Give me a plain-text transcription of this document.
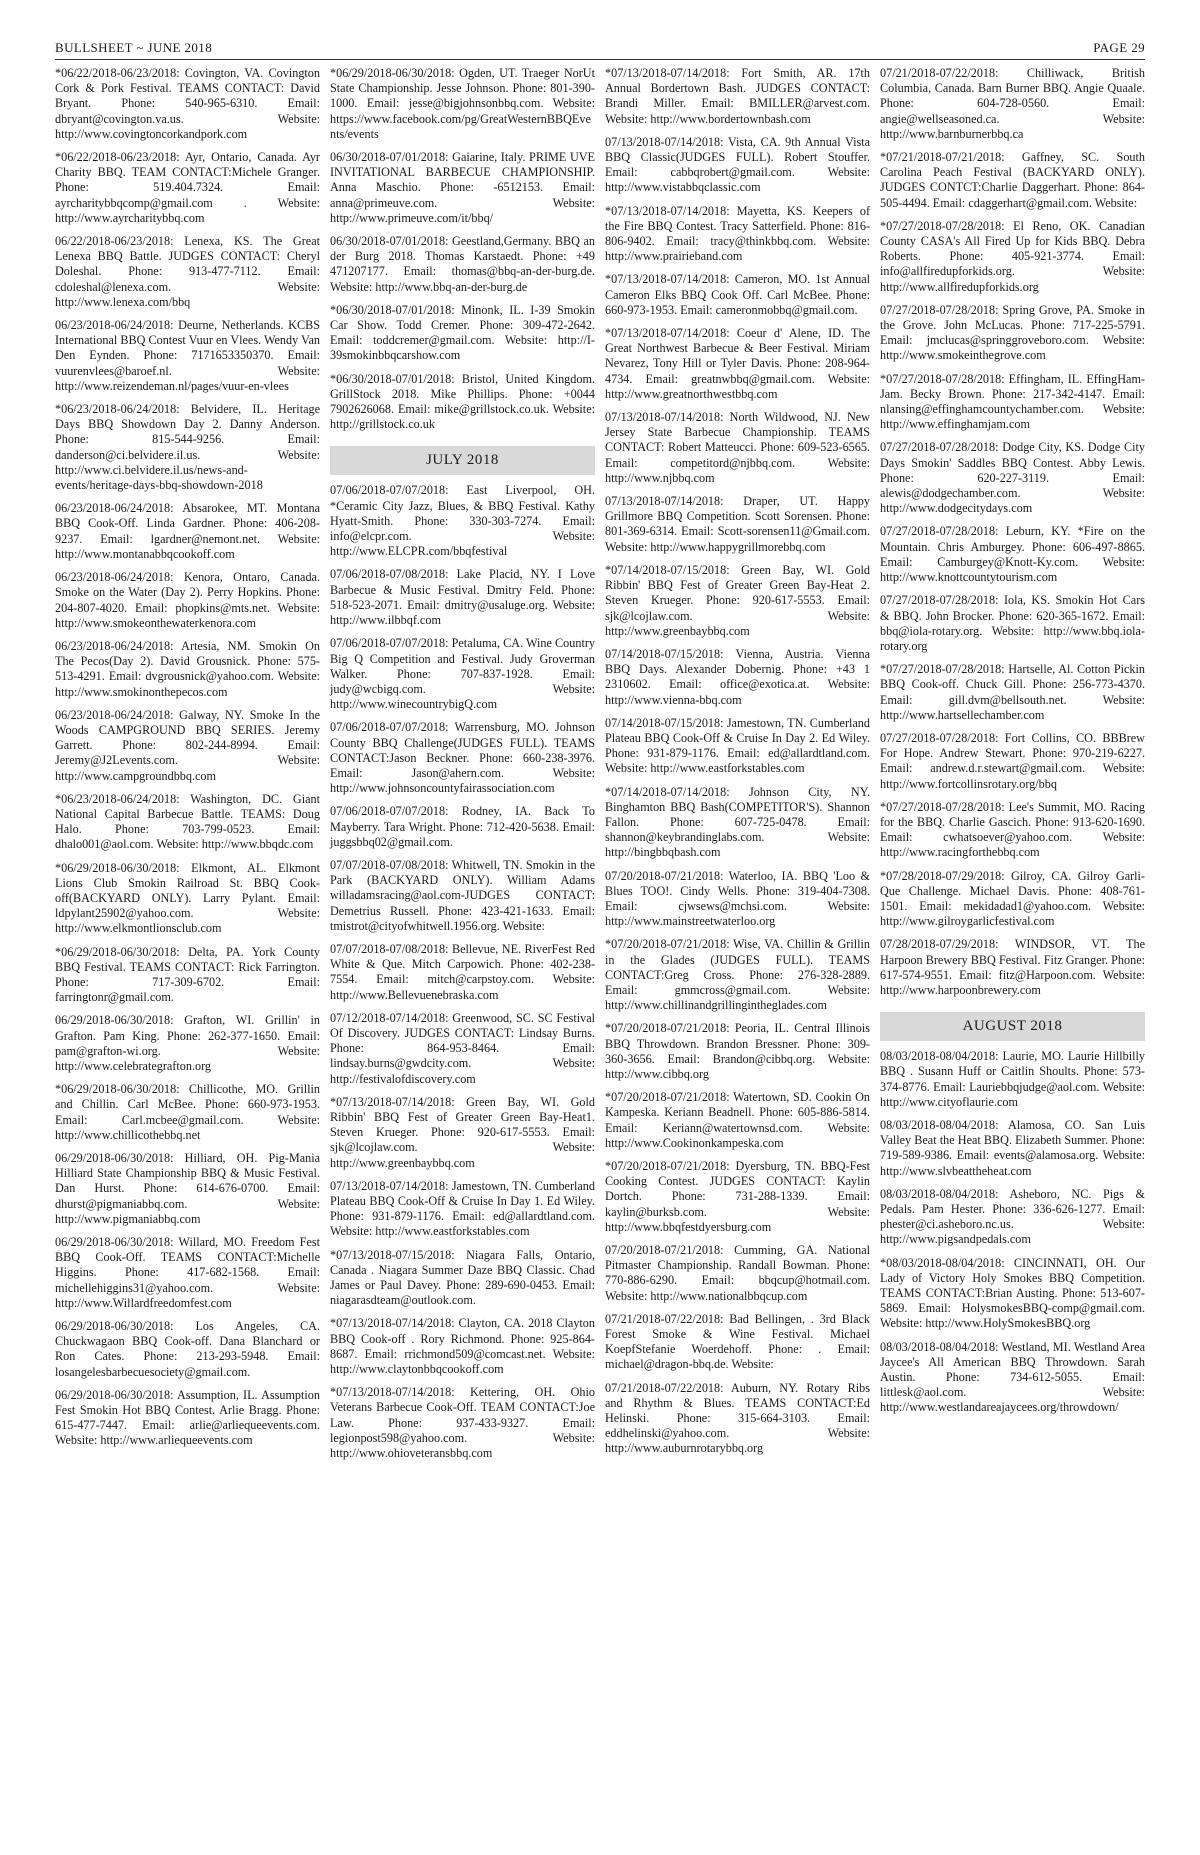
BULLSHEET ~ JUNE 2018	PAGE 29

*06/22/2018-06/23/2018: Covington, VA. Covington Cork & Pork Festival. TEAMS CONTACT: David Bryant. Phone: 540-965-6310. Email: dbryant@covington.va.us. Website: http://www.covingtoncorkandpork.com

*06/22/2018-06/23/2018: Ayr, Ontario, Canada. Ayr Charity BBQ. TEAM CONTACT:Michele Granger. Phone: 519.404.7324. Email: ayrcharitybbqcomp@gmail.com . Website: http://www.ayrcharitybbq.com

06/22/2018-06/23/2018: Lenexa, KS. The Great Lenexa BBQ Battle. JUDGES CONTACT: Cheryl Doleshal. Phone: 913-477-7112. Email: cdoleshal@lenexa.com. Website: http://www.lenexa.com/bbq

06/23/2018-06/24/2018: Deurne, Netherlands. KCBS International BBQ Contest Vuur en Vlees. Wendy Van Den Eynden. Phone: 7171653350370. Email: vuurenvlees@baroef.nl. Website: http://www.reizendeman.nl/pages/vuur-en-vlees

*06/23/2018-06/24/2018: Belvidere, IL. Heritage Days BBQ Showdown Day 2. Danny Anderson. Phone: 815-544-9256. Email: danderson@ci.belvidere.il.us. Website: http://www.ci.belvidere.il.us/news-and-events/heritage-days-bbq-showdown-2018

06/23/2018-06/24/2018: Absarokee, MT. Montana BBQ Cook-Off. Linda Gardner. Phone: 406-208-9237. Email: lgardner@nemont.net. Website: http://www.montanabbqcookoff.com

06/23/2018-06/24/2018: Kenora, Ontaro, Canada. Smoke on the Water (Day 2). Perry Hopkins. Phone: 204-807-4020. Email: phopkins@mts.net. Website: http://www.smokeonthewaterkenora.com

06/23/2018-06/24/2018: Artesia, NM. Smokin On The Pecos(Day 2). David Grousnick. Phone: 575-513-4291. Email: dvgrousnick@yahoo.com. Website: http://www.smokinonthepecos.com

06/23/2018-06/24/2018: Galway, NY. Smoke In the Woods CAMPGROUND BBQ SERIES. Jeremy Garrett. Phone: 802-244-8994. Email: Jeremy@J2Levents.com. Website: http://www.campgroundbbq.com

*06/23/2018-06/24/2018: Washington, DC. Giant National Capital Barbecue Battle. TEAMS: Doug Halo. Phone: 703-799-0523. Email: dhalo001@aol.com. Website: http://www.bbqdc.com

*06/29/2018-06/30/2018: Elkmont, AL. Elkmont Lions Club Smokin Railroad St. BBQ Cook-off(BACKYARD ONLY). Larry Pylant. Email: ldpylant25902@yahoo.com. Website: http://www.elkmontlionsclub.com

*06/29/2018-06/30/2018: Delta, PA. York County BBQ Festival. TEAMS CONTACT: Rick Farrington. Phone: 717-309-6702. Email: farringtonr@gmail.com.

06/29/2018-06/30/2018: Grafton, WI. Grillin' in Grafton. Pam King. Phone: 262-377-1650. Email: pam@grafton-wi.org. Website: http://www.celebrategrafton.org

*06/29/2018-06/30/2018: Chillicothe, MO. Grillin and Chillin. Carl McBee. Phone: 660-973-1953. Email: Carl.mcbee@gmail.com. Website: http://www.chillicothebbq.net

06/29/2018-06/30/2018: Hilliard, OH. Pig-Mania Hilliard State Championship BBQ & Music Festival. Dan Hurst. Phone: 614-676-0700. Email: dhurst@pigmaniabbq.com. Website: http://www.pigmaniabbq.com

06/29/2018-06/30/2018: Willard, MO. Freedom Fest BBQ Cook-Off. TEAMS CONTACT:Michelle Higgins. Phone: 417-682-1568. Email: michellehiggins31@yahoo.com. Website: http://www.Willardfreedomfest.com

06/29/2018-06/30/2018: Los Angeles, CA. Chuckwagaon BBQ Cook-off. Dana Blanchard or Ron Cates. Phone: 213-293-5948. Email: losangelesbarbecuesociety@gmail.com.

06/29/2018-06/30/2018: Assumption, IL. Assumption Fest Smokin Hot BBQ Contest. Arlie Bragg. Phone: 615-477-7447. Email: arlie@arliequeevents.com. Website: http://www.arliequeevents.com

*06/29/2018-06/30/2018: Ogden, UT. Traeger NorUt State Championship. Jesse Johnson. Phone: 801-390-1000. Email: jesse@bigjohnsonbbq.com. Website: https://www.facebook.com/pg/GreatWesternBBQEvents/events

06/30/2018-07/01/2018: Gaiarine, Italy. PRIME UVE INVITATIONAL BARBECUE CHAMPIONSHIP. Anna Maschio. Phone: -6512153. Email: anna@primeuve.com. Website: http://www.primeuve.com/it/bbq/

06/30/2018-07/01/2018: Geestland,Germany. BBQ an der Burg 2018. Thomas Karstaedt. Phone: +49 471207177. Email: thomas@bbq-an-der-burg.de. Website: http://www.bbq-an-der-burg.de

*06/30/2018-07/01/2018: Minonk, IL. I-39 Smokin Car Show. Todd Cremer. Phone: 309-472-2642. Email: toddcremer@gmail.com. Website: http://I-39smokinbbqcarshow.com

*06/30/2018-07/01/2018: Bristol, United Kingdom. GrillStock 2018. Mike Phillips. Phone: +0044 7902626068. Email: mike@grillstock.co.uk. Website: http://grillstock.co.uk

JULY 2018

07/06/2018-07/07/2018: East Liverpool, OH. *Ceramic City Jazz, Blues, & BBQ Festival. Kathy Hyatt-Smith. Phone: 330-303-7274. Email: info@elcpr.com. Website: http://www.ELCPR.com/bbqfestival

07/06/2018-07/08/2018: Lake Placid, NY. I Love Barbecue & Music Festival. Dmitry Feld. Phone: 518-523-2071. Email: dmitry@usaluge.org. Website: http://www.ilbbqf.com

07/06/2018-07/07/2018: Petaluma, CA. Wine Country Big Q Competition and Festival. Judy Groverman Walker. Phone: 707-837-1928. Email: judy@wcbigq.com. Website: http://www.winecountrybigQ.com

07/06/2018-07/07/2018: Warrensburg, MO. Johnson County BBQ Challenge(JUDGES FULL). TEAMS CONTACT:Jason Beckner. Phone: 660-238-3976. Email: Jason@ahern.com. Website: http://www.johnsoncountyfairassociation.com

07/06/2018-07/07/2018: Rodney, IA. Back To Mayberry. Tara Wright. Phone: 712-420-5638. Email: juggsbbq02@gmail.com.

07/07/2018-07/08/2018: Whitwell, TN. Smokin in the Park (BACKYARD ONLY). William Adams willadamsracing@aol.com-JUDGES CONTACT: Demetrius Russell. Phone: 423-421-1633. Email: tmistrot@cityofwhitwell.1956.org. Website:

07/07/2018-07/08/2018: Bellevue, NE. RiverFest Red White & Que. Mitch Carpowich. Phone: 402-238-7554. Email: mitch@carpstoy.com. Website: http://www.Bellevuenebraska.com

07/12/2018-07/14/2018: Greenwood, SC. SC Festival Of Discovery. JUDGES CONTACT: Lindsay Burns. Phone: 864-953-8464. Email: lindsay.burns@gwdcity.com. Website: http://festivalofdiscovery.com

*07/13/2018-07/14/2018: Green Bay, WI. Gold Ribbin' BBQ Fest of Greater Green Bay-Heat1. Steven Krueger. Phone: 920-617-5553. Email: sjk@lcojlaw.com. Website: http://www.greenbaybbq.com

07/13/2018-07/14/2018: Jamestown, TN. Cumberland Plateau BBQ Cook-Off & Cruise In Day 1. Ed Wiley. Phone: 931-879-1176. Email: ed@allardtland.com. Website: http://www.eastforkstables.com

*07/13/2018-07/15/2018: Niagara Falls, Ontario, Canada . Niagara Summer Daze BBQ Classic. Chad James or Paul Davey. Phone: 289-690-0453. Email: niagarasdteam@outlook.com.

*07/13/2018-07/14/2018: Clayton, CA. 2018 Clayton BBQ Cook-off . Rory Richmond. Phone: 925-864-8687. Email: rrichmond509@comcast.net. Website: http://www.claytonbbqcookoff.com

*07/13/2018-07/14/2018: Kettering, OH. Ohio Veterans Barbecue Cook-Off. TEAM CONTACT:Joe Law. Phone: 937-433-9327. Email: legionpost598@yahoo.com. Website: http://www.ohioveteransbbq.com

*07/13/2018-07/14/2018: Fort Smith, AR. 17th Annual Bordertown Bash. JUDGES CONTACT: Brandi Miller. Email: BMILLER@arvest.com. Website: http://www.bordertownbash.com

07/13/2018-07/14/2018: Vista, CA. 9th Annual Vista BBQ Classic(JUDGES FULL). Robert Stouffer. Email: cabbqrobert@gmail.com. Website: http://www.vistabbqclassic.com

*07/13/2018-07/14/2018: Mayetta, KS. Keepers of the Fire BBQ Contest. Tracy Satterfield. Phone: 816-806-9402. Email: tracy@thinkbbq.com. Website: http://www.prairieband.com

*07/13/2018-07/14/2018: Cameron, MO. 1st Annual Cameron Elks BBQ Cook Off. Carl McBee. Phone: 660-973-1953. Email: cameronmobbq@gmail.com.

*07/13/2018-07/14/2018: Coeur d' Alene, ID. The Great Northwest Barbecue & Beer Festival. Miriam Nevarez, Tony Hill or Tyler Davis. Phone: 208-964-4734. Email: greatnwbbq@gmail.com. Website: http://www.greatnorthwestbbq.com

07/13/2018-07/14/2018: North Wildwood, NJ. New Jersey State Barbecue Championship. TEAMS CONTACT: Robert Matteucci. Phone: 609-523-6565. Email: competitord@njbbq.com. Website: http://www.njbbq.com

07/13/2018-07/14/2018: Draper, UT. Happy Grillmore BBQ Competition. Scott Sorensen. Phone: 801-369-6314. Email: Scott-sorensen11@Gmail.com. Website: http://www.happygrillmorebbq.com

*07/14/2018-07/15/2018: Green Bay, WI. Gold Ribbin' BBQ Fest of Greater Green Bay-Heat 2. Steven Krueger. Phone: 920-617-5553. Email: sjk@lcojlaw.com. Website: http://www.greenbaybbq.com

07/14/2018-07/15/2018: Vienna, Austria. Vienna BBQ Days. Alexander Dobernig. Phone: +43 1 2310602. Email: office@exotica.at. Website: http://www.vienna-bbq.com

07/14/2018-07/15/2018: Jamestown, TN. Cumberland Plateau BBQ Cook-Off & Cruise In Day 2. Ed Wiley. Phone: 931-879-1176. Email: ed@allardtland.com. Website: http://www.eastforkstables.com

*07/14/2018-07/14/2018: Johnson City, NY. Binghamton BBQ Bash(COMPETITOR'S). Shannon Fallon. Phone: 607-725-0478. Email: shannon@keybrandinglabs.com. Website: http://bingbbqbash.com

07/20/2018-07/21/2018: Waterloo, IA. BBQ 'Loo & Blues TOO!. Cindy Wells. Phone: 319-404-7308. Email: cjwsews@mchsi.com. Website: http://www.mainstreetwaterloo.org

*07/20/2018-07/21/2018: Wise, VA. Chillin & Grillin in the Glades (JUDGES FULL). TEAMS CONTACT:Greg Cross. Phone: 276-328-2889. Email: gmmcross@gmail.com. Website: http://www.chillinandgrillingintheglades.com

*07/20/2018-07/21/2018: Peoria, IL. Central Illinois BBQ Throwdown. Brandon Bressner. Phone: 309-360-3656. Email: Brandon@cibbq.org. Website: http://www.cibbq.org

*07/20/2018-07/21/2018: Watertown, SD. Cookin On Kampeska. Keriann Beadnell. Phone: 605-886-5814. Email: Keriann@watertownsd.com. Website: http://www.Cookinonkampeska.com

*07/20/2018-07/21/2018: Dyersburg, TN. BBQ-Fest Cooking Contest. JUDGES CONTACT: Kaylin Dortch. Phone: 731-288-1339. Email: kaylin@burksb.com. Website: http://www.bbqfestdyersburg.com

07/20/2018-07/21/2018: Cumming, GA. National Pitmaster Championship. Randall Bowman. Phone: 770-886-6290. Email: bbqcup@hotmail.com. Website: http://www.nationalbbqcup.com

07/21/2018-07/22/2018: Bad Bellingen, . 3rd Black Forest Smoke & Wine Festival. Michael KoepfStefanie Woerdehoff. Phone: . Email: michael@dragon-bbq.de. Website:

07/21/2018-07/22/2018: Auburn, NY. Rotary Ribs and Rhythm & Blues. TEAMS CONTACT:Ed Helinski. Phone: 315-664-3103. Email: eddhelinski@yahoo.com. Website: http://www.auburnrotarybbq.org

07/21/2018-07/22/2018: Chilliwack, British Columbia, Canada. Barn Burner BBQ. Angie Quaale. Phone: 604-728-0560. Email: angie@wellseasoned.ca. Website: http://www.barnburnerbbq.ca

*07/21/2018-07/21/2018: Gaffney, SC. South Carolina Peach Festival (BACKYARD ONLY). JUDGES CONTCT:Charlie Daggerhart. Phone: 864-505-4494. Email: cdaggerhart@gmail.com. Website:

*07/27/2018-07/28/2018: El Reno, OK. Canadian County CASA's All Fired Up for Kids BBQ. Debra Roberts. Phone: 405-921-3774. Email: info@allfiredupforkids.org. Website: http://www.allfiredupforkids.org

07/27/2018-07/28/2018: Spring Grove, PA. Smoke in the Grove. John McLucas. Phone: 717-225-5791. Email: jmclucas@springgroveboro.com. Website: http://www.smokeinthegrove.com

*07/27/2018-07/28/2018: Effingham, IL. EffingHam-Jam. Becky Brown. Phone: 217-342-4147. Email: nlansing@effinghamcountychamber.com. Website: http://www.effinghamjam.com

07/27/2018-07/28/2018: Dodge City, KS. Dodge City Days Smokin' Saddles BBQ Contest. Abby Lewis. Phone: 620-227-3119. Email: alewis@dodgechamber.com. Website: http://www.dodgecitydays.com

07/27/2018-07/28/2018: Leburn, KY. *Fire on the Mountain. Chris Amburgey. Phone: 606-497-8865. Email: Camburgey@Knott-Ky.com. Website: http://www.knottcountytourism.com

07/27/2018-07/28/2018: Iola, KS. Smokin Hot Cars & BBQ. John Brocker. Phone: 620-365-1672. Email: bbq@iola-rotary.org. Website: http://www.bbq.iola-rotary.org

*07/27/2018-07/28/2018: Hartselle, Al. Cotton Pickin BBQ Cook-off. Chuck Gill. Phone: 256-773-4370. Email: gill.dvm@bellsouth.net. Website: http://www.hartsellechamber.com

07/27/2018-07/28/2018: Fort Collins, CO. BBBrew For Hope. Andrew Stewart. Phone: 970-219-6227. Email: andrew.d.r.stewart@gmail.com. Website: http://www.fortcollinsrotary.org/bbq

*07/27/2018-07/28/2018: Lee's Summit, MO. Racing for the BBQ. Charlie Gascich. Phone: 913-620-1690. Email: cwhatsoever@yahoo.com. Website: http://www.racingforthebbq.com

*07/28/2018-07/29/2018: Gilroy, CA. Gilroy Garli-Que Challenge. Michael Davis. Phone: 408-761-1501. Email: mekidadad1@yahoo.com. Website: http://www.gilroygarlicfestival.com

07/28/2018-07/29/2018: WINDSOR, VT. The Harpoon Brewery BBQ Festival. Fitz Granger. Phone: 617-574-9551. Email: fitz@Harpoon.com. Website: http://www.harpoonbrewery.com

AUGUST 2018

08/03/2018-08/04/2018: Laurie, MO. Laurie Hillbilly BBQ . Susann Huff or Caitlin Shoults. Phone: 573-374-8776. Email: Lauriebbqjudge@aol.com. Website: http://www.cityoflaurie.com

08/03/2018-08/04/2018: Alamosa, CO. San Luis Valley Beat the Heat BBQ. Elizabeth Summer. Phone: 719-589-9386. Email: events@alamosa.org. Website: http://www.slvbeattheheat.com

08/03/2018-08/04/2018: Asheboro, NC. Pigs & Pedals. Pam Hester. Phone: 336-626-1277. Email: phester@ci.asheboro.nc.us. Website: http://www.pigsandpedals.com

*08/03/2018-08/04/2018: CINCINNATI, OH. Our Lady of Victory Holy Smokes BBQ Competition. TEAMS CONTACT:Brian Austing. Phone: 513-607-5869. Email: HolysmokesBBQ-comp@gmail.com. Website: http://www.HolySmokesBBQ.org

08/03/2018-08/04/2018: Westland, MI. Westland Area Jaycee's All American BBQ Throwdown. Sarah Austin. Phone: 734-612-5055. Email: littlesk@aol.com. Website: http://www.westlandareajaycees.org/throwdown/
